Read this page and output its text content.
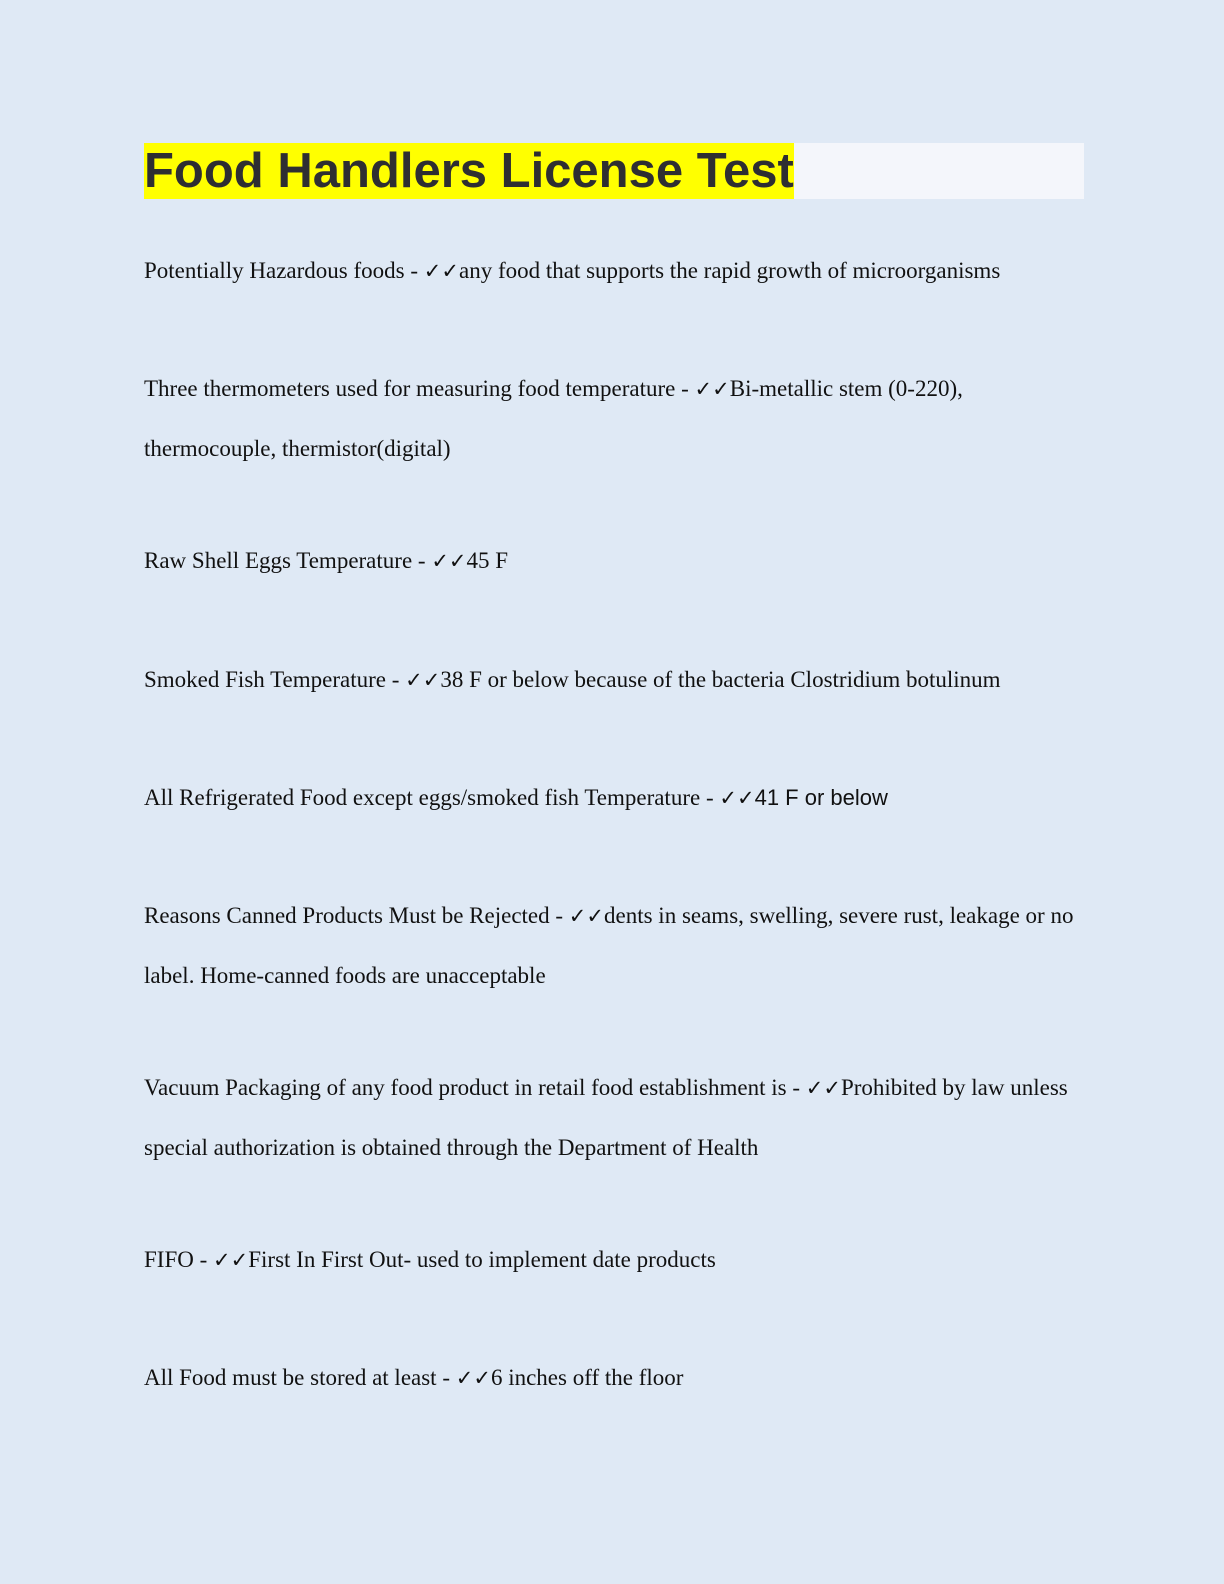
Food Handlers License Test

Potentially Hazardous foods - ✓✓any food that supports the rapid growth of microorganisms

Three thermometers used for measuring food temperature - ✓✓Bi-metallic stem (0-220), thermocouple, thermistor(digital)

Raw Shell Eggs Temperature - ✓✓45 F

Smoked Fish Temperature - ✓✓38 F or below because of the bacteria Clostridium botulinum

All Refrigerated Food except eggs/smoked fish Temperature - ✓✓41 F or below

Reasons Canned Products Must be Rejected - ✓✓dents in seams, swelling, severe rust, leakage or no label. Home-canned foods are unacceptable

Vacuum Packaging of any food product in retail food establishment is - ✓✓Prohibited by law unless special authorization is obtained through the Department of Health

FIFO - ✓✓First In First Out- used to implement date products

All Food must be stored at least - ✓✓6 inches off the floor
